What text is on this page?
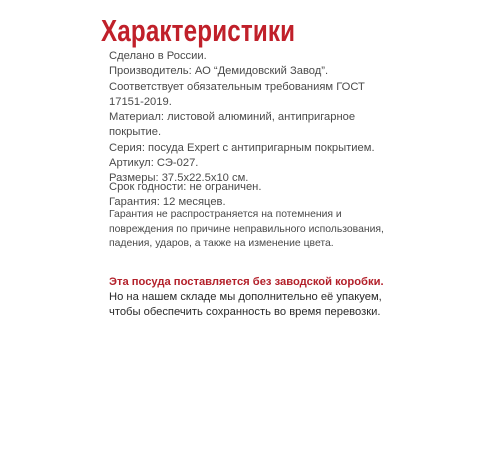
Характеристики
Сделано в России.
Производитель: АО “Демидовский Завод”.
Соответствует обязательным требованиям ГОСТ
17151-2019.
Материал: листовой алюминий, антипригарное
покрытие.
Серия: посуда Expert с антипригарным покрытием.
Артикул: СЭ-027.
Размеры: 37.5х22.5х10 см.
Срок годности: не ограничен.
Гарантия: 12 месяцев.
Гарантия не распространяется на потемнения и
повреждения по причине неправильного использования,
падения, ударов, а также на изменение цвета.
Эта посуда поставляется без заводской коробки.
Но на нашем складе мы дополнительно её упакуем,
чтобы обеспечить сохранность во время перевозки.
